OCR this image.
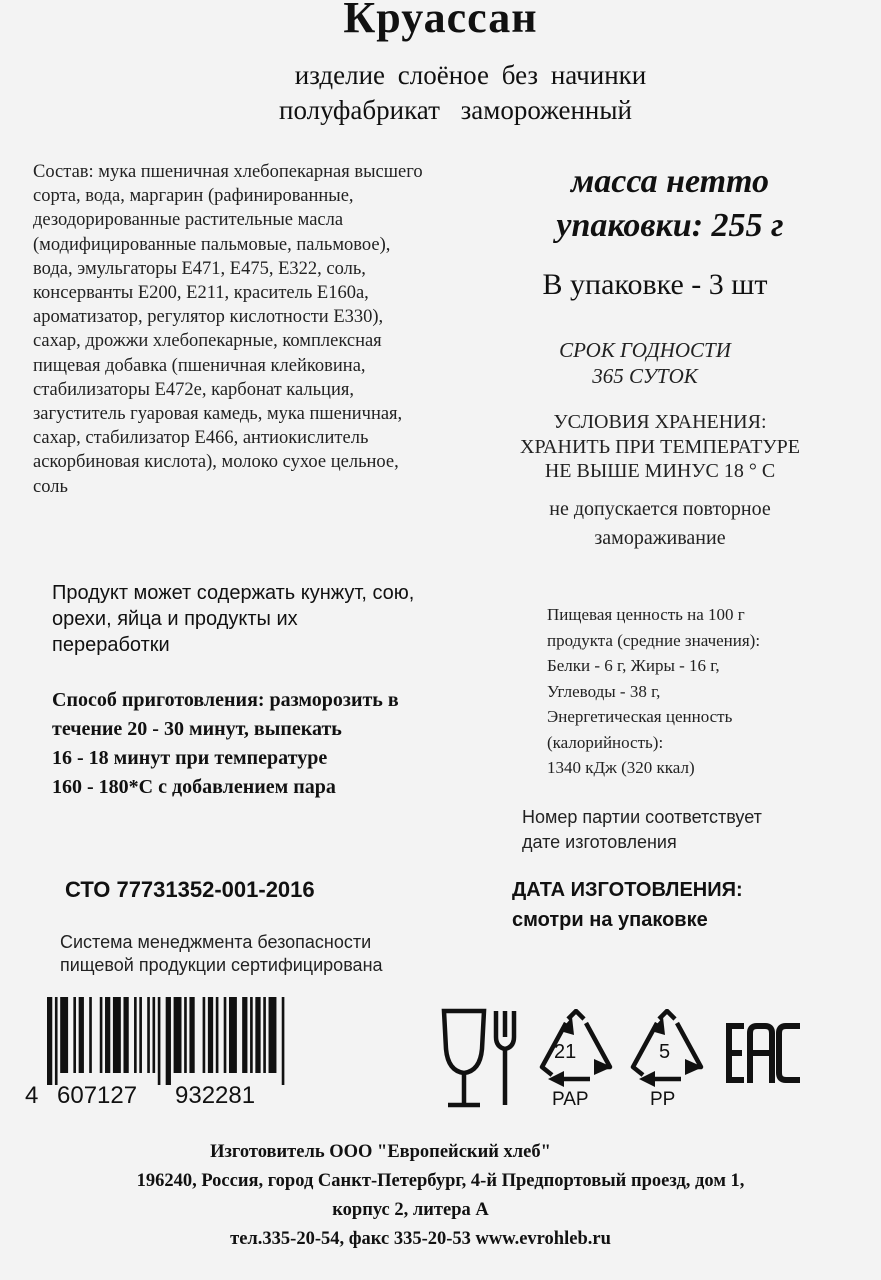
Круассан
изделие слоёное без начинки
полуфабрикат замороженный
Состав: мука пшеничная хлебопекарная высшего
сорта, вода, маргарин (рафинированные,
дезодорированные растительные масла
(модифицированные пальмовые, пальмовое),
вода, эмульгаторы Е471, Е475, Е322, соль,
консерванты Е200, Е211, краситель Е160а,
ароматизатор, регулятор кислотности Е330),
сахар, дрожжи хлебопекарные, комплексная
пищевая добавка (пшеничная клейковина,
стабилизаторы Е472е, карбонат кальция,
загуститель гуаровая камедь, мука пшеничная,
сахар, стабилизатор Е466, антиокислитель
аскорбиновая кислота), молоко сухое цельное,
соль
масса нетто
упаковки: 255 г
В упаковке - 3 шт
СРОК ГОДНОСТИ
365 СУТОК
УСЛОВИЯ ХРАНЕНИЯ:
ХРАНИТЬ ПРИ ТЕМПЕРАТУРЕ
НЕ ВЫШЕ МИНУС 18 ° С
не допускается повторное
замораживание
Продукт может содержать кунжут, сою,
орехи, яйца и продукты их
переработки
Способ приготовления: разморозить в
течение 20 - 30 минут, выпекать
16 - 18 минут при температуре
160 - 180*С с добавлением пара
Пищевая ценность на 100 г
продукта (средние значения):
Белки - 6 г, Жиры - 16 г,
Углеводы - 38 г,
Энергетическая ценность
(калорийность):
1340 кДж (320 ккал)
Номер партии соответствует
дате изготовления
СТО 77731352-001-2016	ДАТА ИЗГОТОВЛЕНИЯ:
смотри на упаковке
Система менеджмента безопасности
пищевой продукции сертифицирована
4 607127 932281
21
PAP
5
PP
Изготовитель ООО "Европейский хлеб"
196240, Россия, город Санкт-Петербург, 4-й Предпортовый проезд, дом 1,
корпус 2, литера А
тел.335-20-54, факс 335-20-53 www.evrohleb.ru
